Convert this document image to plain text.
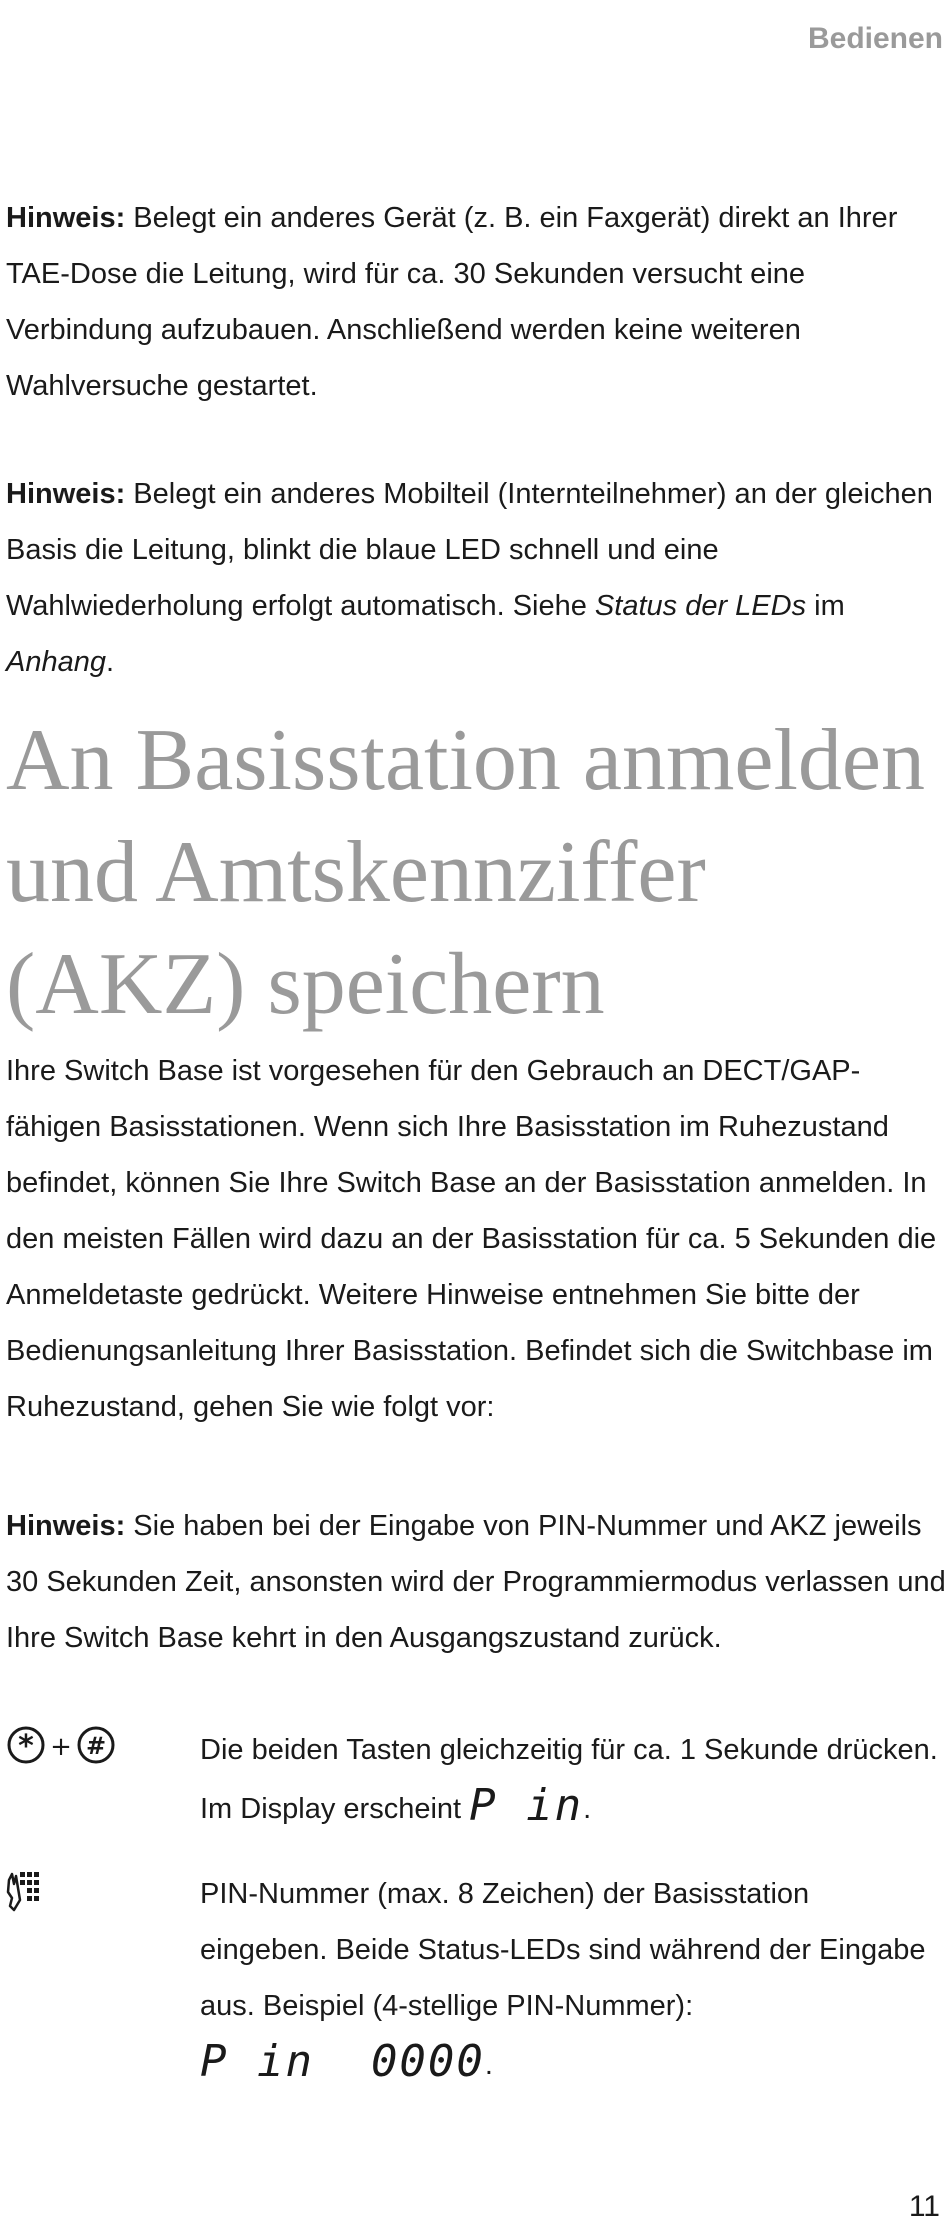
Bedienen

Hinweis: Belegt ein anderes Gerät (z. B. ein Faxgerät) direkt an Ihrer TAE-Dose die Leitung, wird für ca. 30 Sekunden versucht eine Verbindung aufzubauen. Anschließend werden keine weiteren Wahlversuche gestartet.

Hinweis: Belegt ein anderes Mobilteil (Internteilnehmer) an der gleichen Basis die Leitung, blinkt die blaue LED schnell und eine Wahlwiederholung erfolgt automatisch. Siehe Status der LEDs im Anhang.

An Basisstation anmelden und Amtskennziffer (AKZ) speichern

Ihre Switch Base ist vorgesehen für den Gebrauch an DECT/GAP-fähigen Basisstationen. Wenn sich Ihre Basisstation im Ruhezustand befindet, können Sie Ihre Switch Base an der Basisstation anmelden. In den meisten Fällen wird dazu an der Basisstation für ca. 5 Sekunden die Anmeldetaste gedrückt. Weitere Hinweise entnehmen Sie bitte der Bedienungsanleitung Ihrer Basisstation. Befindet sich die Switchbase im Ruhezustand, gehen Sie wie folgt vor:

Hinweis: Sie haben bei der Eingabe von PIN-Nummer und AKZ jeweils 30 Sekunden Zeit, ansonsten wird der Programmiermodus verlassen und Ihre Switch Base kehrt in den Ausgangszustand zurück.

* + #	Die beiden Tasten gleichzeitig für ca. 1 Sekunde drücken. Im Display erscheint P in.

PIN-Nummer (max. 8 Zeichen) der Basisstation eingeben. Beide Status-LEDs sind während der Eingabe aus. Beispiel (4-stellige PIN-Nummer): P in  0000.

11
